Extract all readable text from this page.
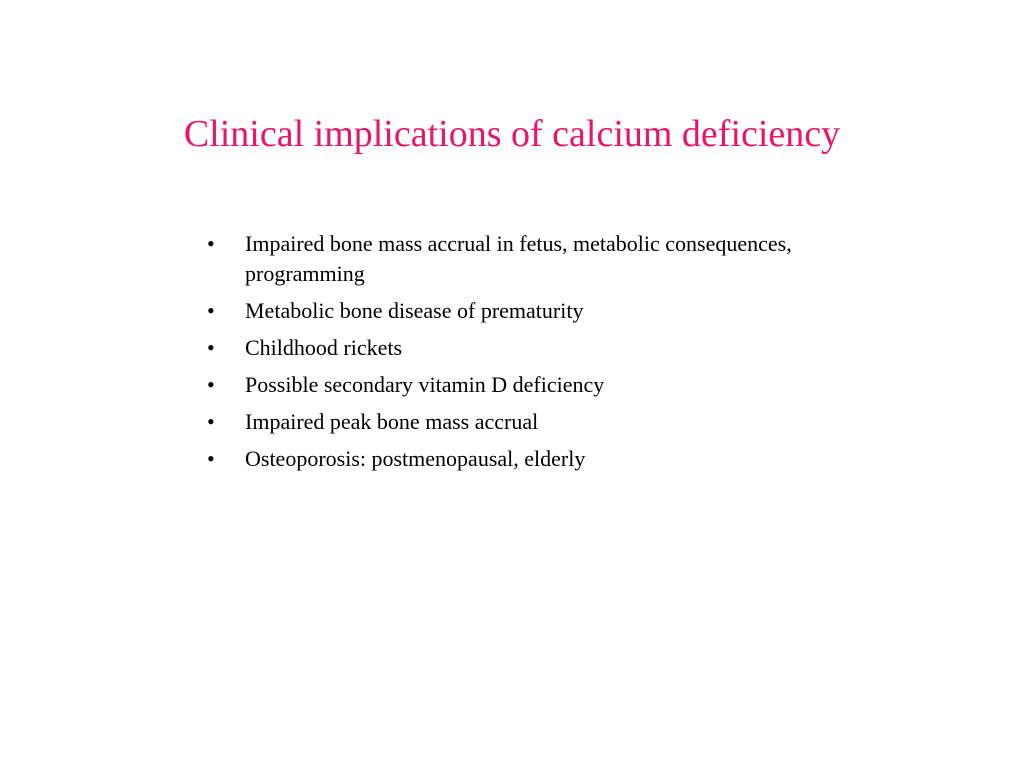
Clinical implications of calcium deficiency
• Impaired bone mass accrual in fetus, metabolic consequences, programming
• Metabolic bone disease of prematurity
• Childhood rickets
• Possible secondary vitamin D deficiency
• Impaired peak bone mass accrual
• Osteoporosis: postmenopausal, elderly
